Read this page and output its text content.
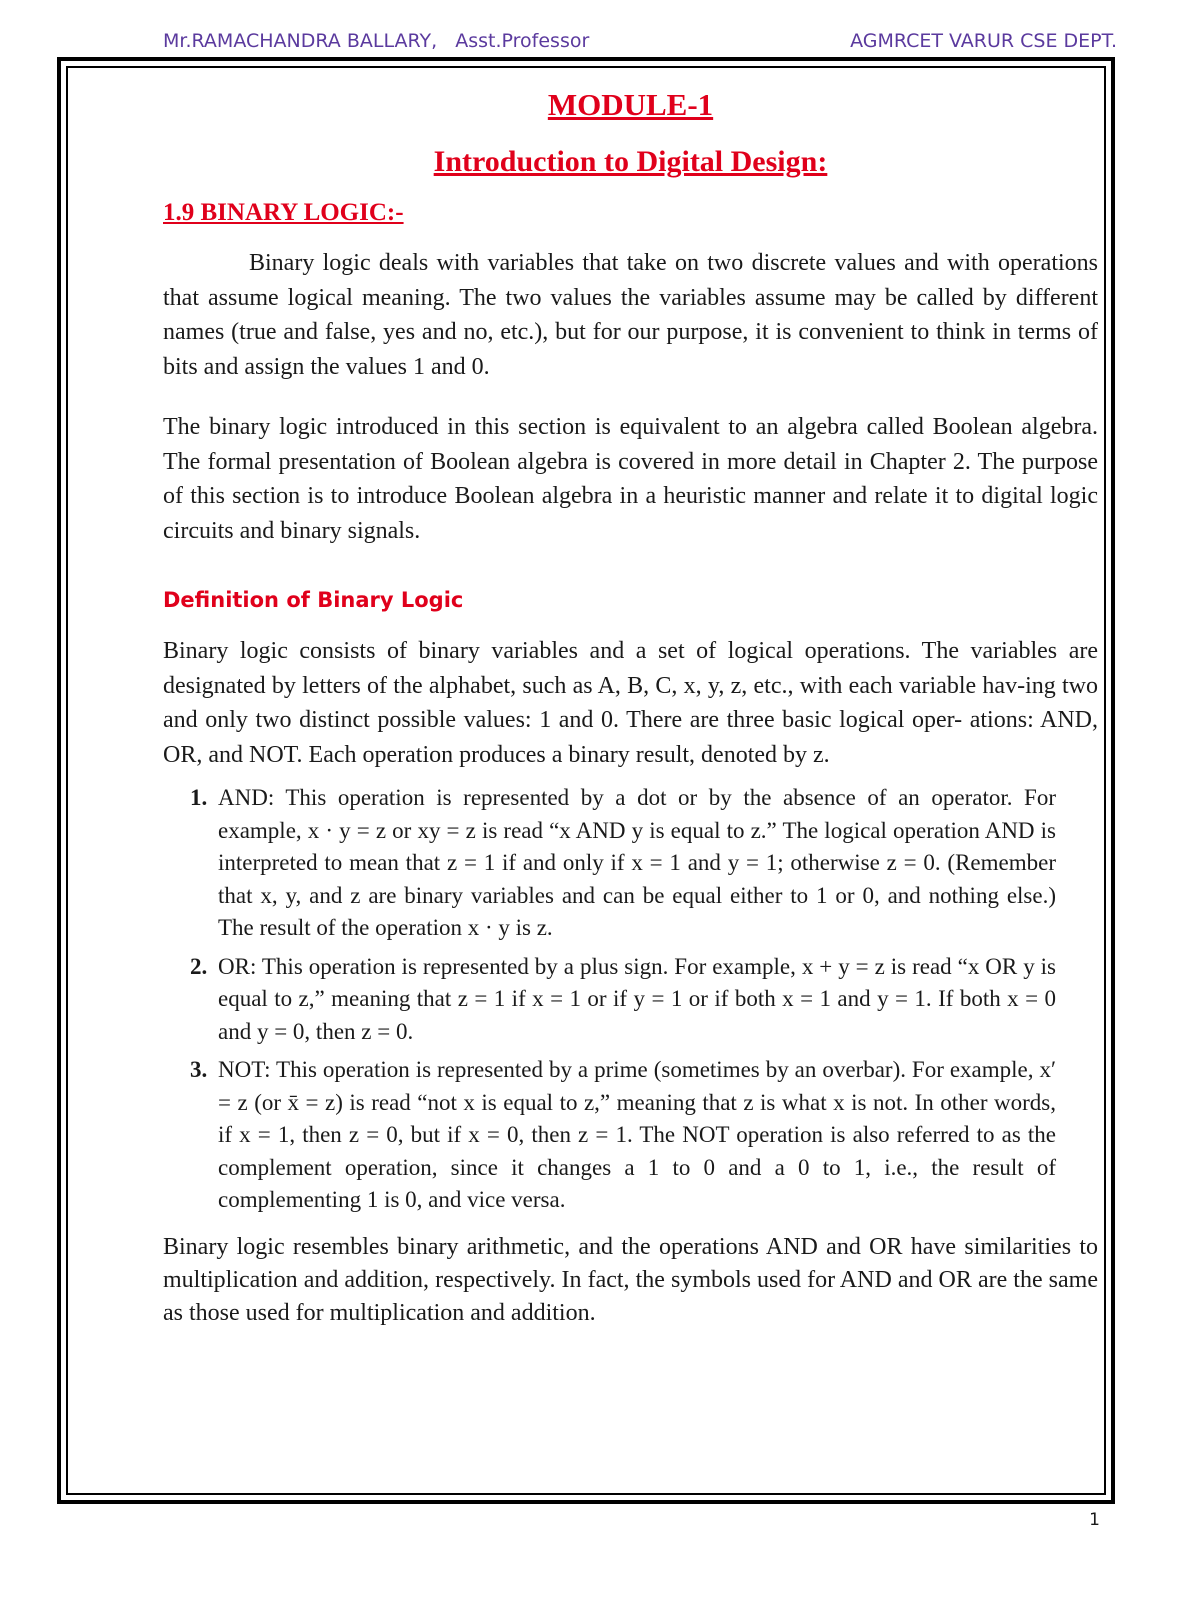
Mr.RAMACHANDRA BALLARY,   Asst.Professor	AGMRCET VARUR CSE DEPT.
MODULE-1
Introduction to Digital Design:
1.9 BINARY LOGIC:-

Binary logic deals with variables that take on two discrete values and with operations that assume logical meaning. The two values the variables assume may be called by different names (true and false, yes and no, etc.), but for our purpose, it is convenient to think in terms of bits and assign the values 1 and 0.

The binary logic introduced in this section is equivalent to an algebra called Boolean algebra. The formal presentation of Boolean algebra is covered in more detail in Chapter 2. The purpose of this section is to introduce Boolean algebra in a heuristic manner and relate it to digital logic circuits and binary signals.

Definition of Binary Logic

Binary logic consists of binary variables and a set of logical operations. The variables are designated by letters of the alphabet, such as A, B, C, x, y, z, etc., with each variable hav-ing two and only two distinct possible values: 1 and 0. There are three basic logical oper- ations: AND, OR, and NOT. Each operation produces a binary result, denoted by z.

1. AND: This operation is represented by a dot or by the absence of an operator. For example, x · y = z or xy = z is read “x AND y is equal to z.” The logical operation AND is interpreted to mean that z = 1 if and only if x = 1 and y = 1; otherwise z = 0. (Remember that x, y, and z are binary variables and can be equal either to 1 or 0, and nothing else.) The result of the operation x · y is z.
2. OR: This operation is represented by a plus sign. For example, x + y = z is read “x OR y is equal to z,” meaning that z = 1 if x = 1 or if y = 1 or if both x = 1 and y = 1. If both x = 0 and y = 0, then z = 0.
3. NOT: This operation is represented by a prime (sometimes by an overbar). For example, x′ = z (or x̄ = z) is read “not x is equal to z,” meaning that z is what x is not. In other words, if x = 1, then z = 0, but if x = 0, then z = 1. The NOT operation is also referred to as the complement operation, since it changes a 1 to 0 and a 0 to 1, i.e., the result of complementing 1 is 0, and vice versa.

Binary logic resembles binary arithmetic, and the operations AND and OR have similarities to multiplication and addition, respectively. In fact, the symbols used for AND and OR are the same as those used for multiplication and addition.

1
